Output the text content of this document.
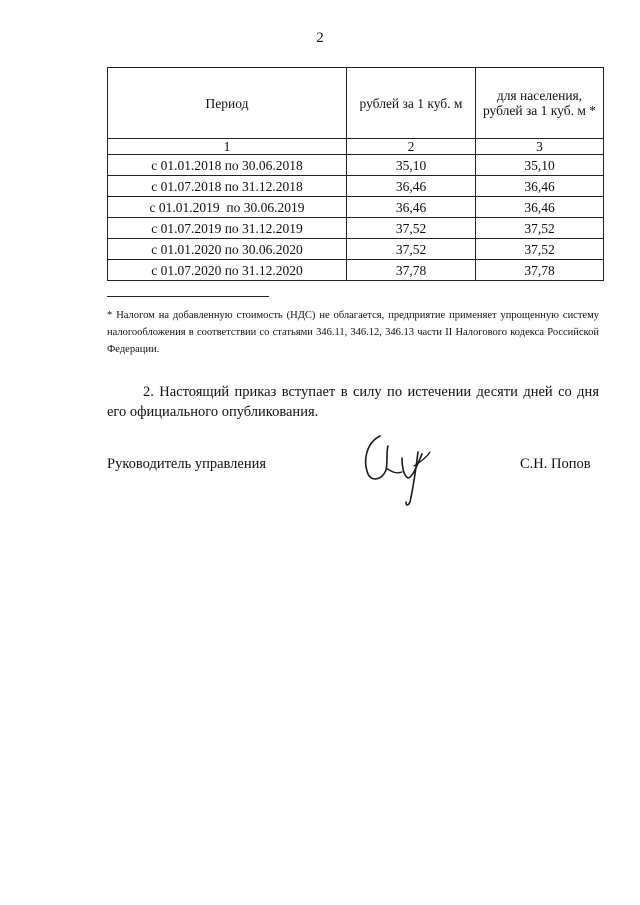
2
Период	рублей за 1 куб. м	для населения, рублей за 1 куб. м *
1	2	3
с 01.01.2018 по 30.06.2018	35,10	35,10
с 01.07.2018 по 31.12.2018	36,46	36,46
с 01.01.2019  по 30.06.2019	36,46	36,46
с 01.07.2019 по 31.12.2019	37,52	37,52
с 01.01.2020 по 30.06.2020	37,52	37,52
с 01.07.2020 по 31.12.2020	37,78	37,78
* Налогом на добавленную стоимость (НДС) не облагается, предприятие применяет упрощенную систему налогообложения в соответствии со статьями 346.11, 346.12, 346.13 части II Налогового кодекса Российской Федерации.
2. Настоящий приказ вступает в силу по истечении десяти дней со дня его официального опубликования.
Руководитель управления	С.Н. Попов
